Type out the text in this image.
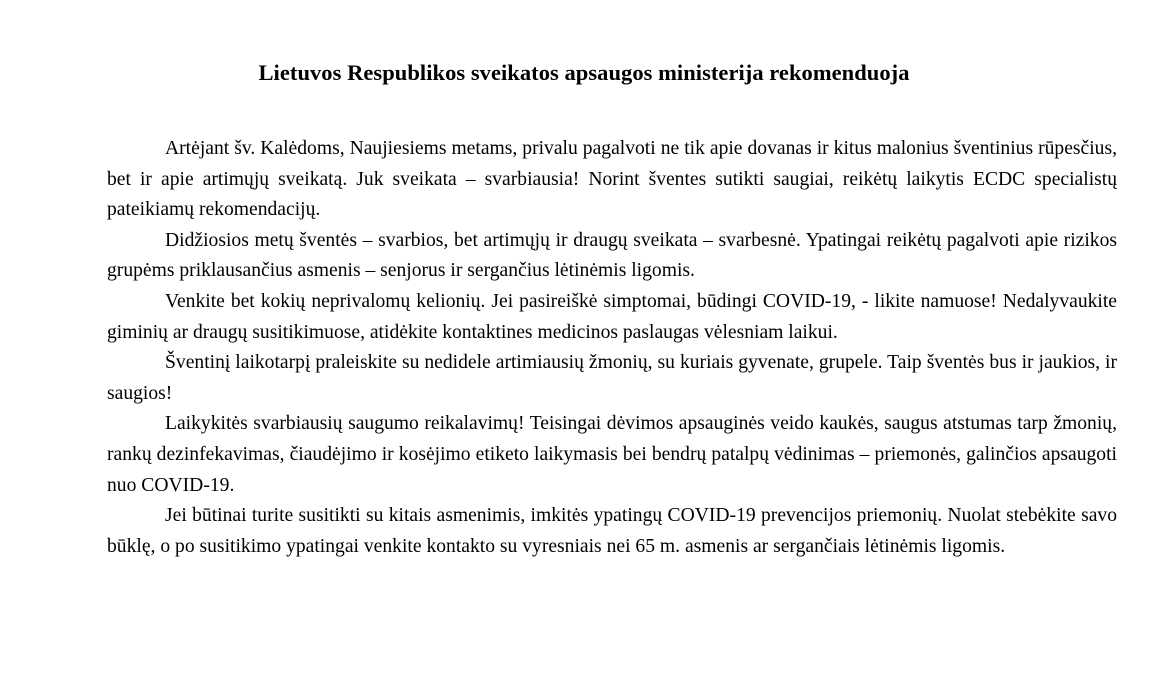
Lietuvos Respublikos sveikatos apsaugos ministerija rekomenduoja

Artėjant šv. Kalėdoms, Naujiesiems metams, privalu pagalvoti ne tik apie dovanas ir kitus malonius šventinius rūpesčius, bet ir apie artimųjų sveikatą. Juk sveikata – svarbiausia! Norint šventes sutikti saugiai, reikėtų laikytis ECDC specialistų pateikiamų rekomendacijų.

Didžiosios metų šventės – svarbios, bet artimųjų ir draugų sveikata – svarbesnė. Ypatingai reikėtų pagalvoti apie rizikos grupėms priklausančius asmenis – senjorus ir sergančius lėtinėmis ligomis.

Venkite bet kokių neprivalomų kelionių. Jei pasireiškė simptomai, būdingi COVID-19, - likite namuose! Nedalyvaukite giminių ar draugų susitikimuose, atidėkite kontaktines medicinos paslaugas vėlesniam laikui.

Šventinį laikotarpį praleiskite su nedidele artimiausių žmonių, su kuriais gyvenate, grupele. Taip šventės bus ir jaukios, ir saugios!

Laikykitės svarbiausių saugumo reikalavimų! Teisingai dėvimos apsauginės veido kaukės, saugus atstumas tarp žmonių, rankų dezinfekavimas, čiaudėjimo ir kosėjimo etiketo laikymasis bei bendrų patalpų vėdinimas – priemonės, galinčios apsaugoti nuo COVID-19.

Jei būtinai turite susitikti su kitais asmenimis, imkitės ypatingų COVID-19 prevencijos priemonių. Nuolat stebėkite savo būklę, o po susitikimo ypatingai venkite kontakto su vyresniais nei 65 m. asmenis ar sergančiais lėtinėmis ligomis.
